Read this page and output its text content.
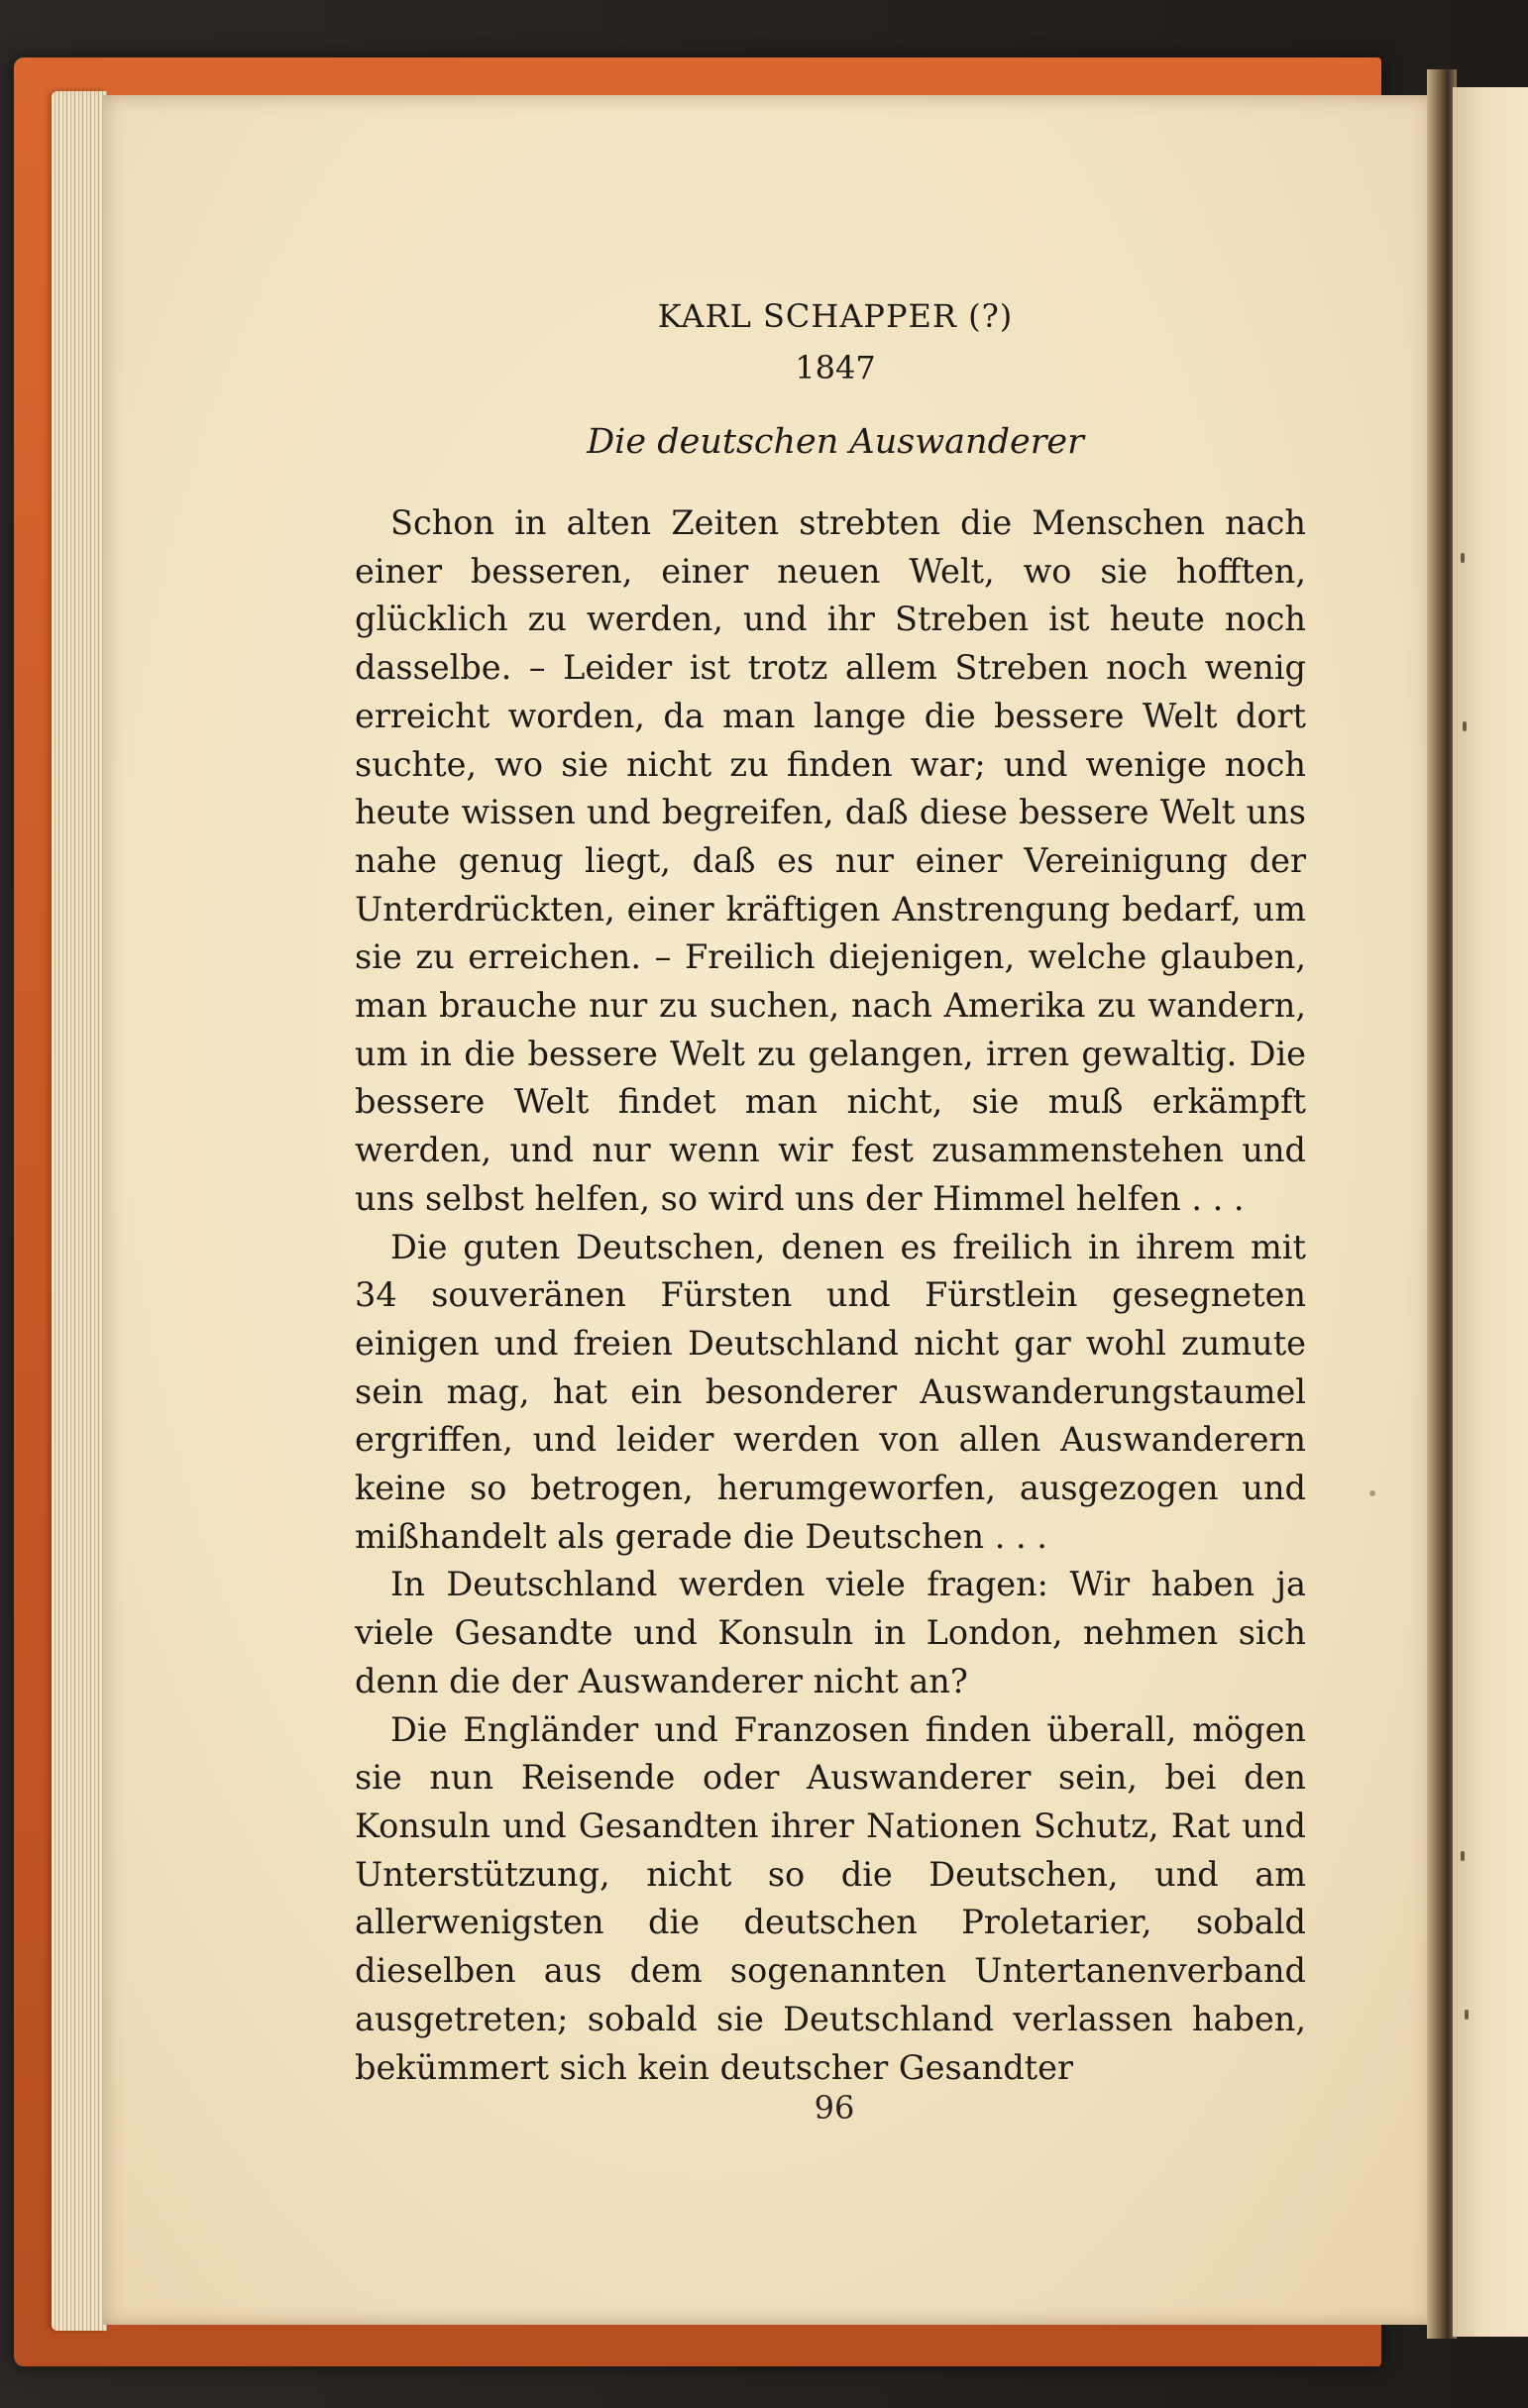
KARL SCHAPPER (?)

1847

Die deutschen Auswanderer

Schon in alten Zeiten strebten die Menschen nach einer besseren, einer neuen Welt, wo sie hofften, glücklich zu werden, und ihr Streben ist heute noch dasselbe. – Leider ist trotz allem Streben noch wenig erreicht worden, da man lange die bessere Welt dort suchte, wo sie nicht zu finden war; und wenige noch heute wissen und begreifen, daß diese bessere Welt uns nahe genug liegt, daß es nur einer Vereinigung der Unterdrückten, einer kräftigen Anstrengung bedarf, um sie zu erreichen. – Freilich diejenigen, welche glauben, man brauche nur zu suchen, nach Amerika zu wandern, um in die bessere Welt zu gelangen, irren gewaltig. Die bessere Welt findet man nicht, sie muß erkämpft werden, und nur wenn wir fest zusammenstehen und uns selbst helfen, so wird uns der Himmel helfen . . .

Die guten Deutschen, denen es freilich in ihrem mit 34 souveränen Fürsten und Fürstlein gesegneten einigen und freien Deutschland nicht gar wohl zumute sein mag, hat ein besonderer Auswanderungstaumel ergriffen, und leider werden von allen Auswanderern keine so betrogen, herumgeworfen, ausgezogen und mißhandelt als gerade die Deutschen . . .

In Deutschland werden viele fragen: Wir haben ja viele Gesandte und Konsuln in London, nehmen sich denn die der Auswanderer nicht an?

Die Engländer und Franzosen finden überall, mögen sie nun Reisende oder Auswanderer sein, bei den Konsuln und Gesandten ihrer Nationen Schutz, Rat und Unterstützung, nicht so die Deutschen, und am allerwenigsten die deutschen Proletarier, sobald dieselben aus dem sogenannten Untertanenverband ausgetreten; sobald sie Deutschland verlassen haben, bekümmert sich kein deutscher Gesandter

96
